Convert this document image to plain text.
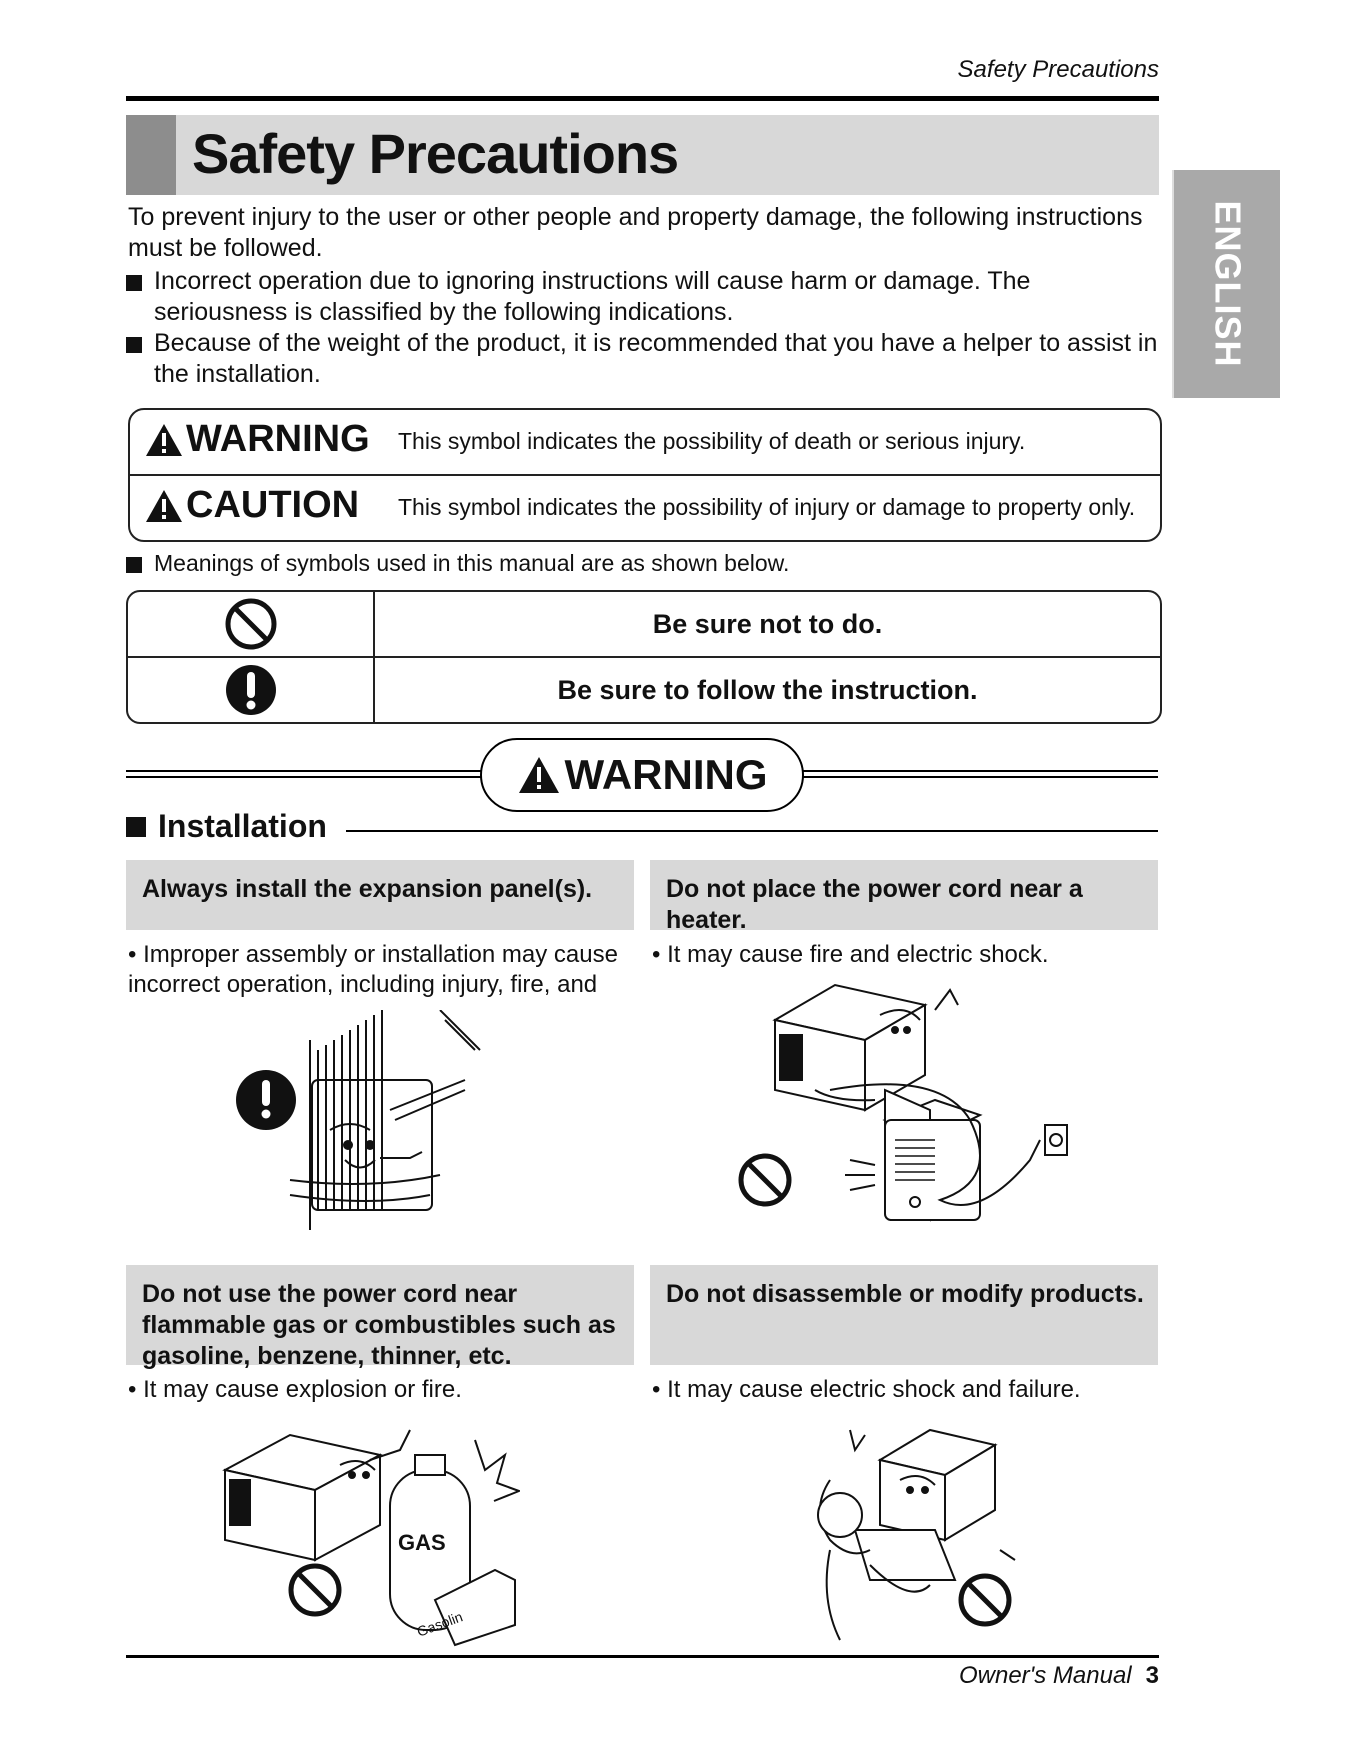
Safety Precautions
Safety Precautions
ENGLISH
To prevent injury to the user or other people and property damage, the following instructions must be followed.
Incorrect operation due to ignoring instructions will cause harm or damage. The seriousness is classified by the following indications.
Because of the weight of the product, it is recommended that you have a helper to assist in the installation.
WARNING This symbol indicates the possibility of death or serious injury.
CAUTION This symbol indicates the possibility of injury or damage to property only.
Meanings of symbols used in this manual are as shown below.
Be sure not to do.
Be sure to follow the instruction.
WARNING
Installation
Always install the expansion panel(s).
• Improper assembly or installation may cause incorrect operation, including injury, fire, and
Do not place the power cord near a heater.
• It may cause fire and electric shock.
Do not use the power cord near flammable gas or combustibles such as gasoline, benzene, thinner, etc.
• It may cause explosion or fire.
Do not disassemble or modify products.
• It may cause electric shock and failure.
GAS
Gasolin
Owner's Manual 3
